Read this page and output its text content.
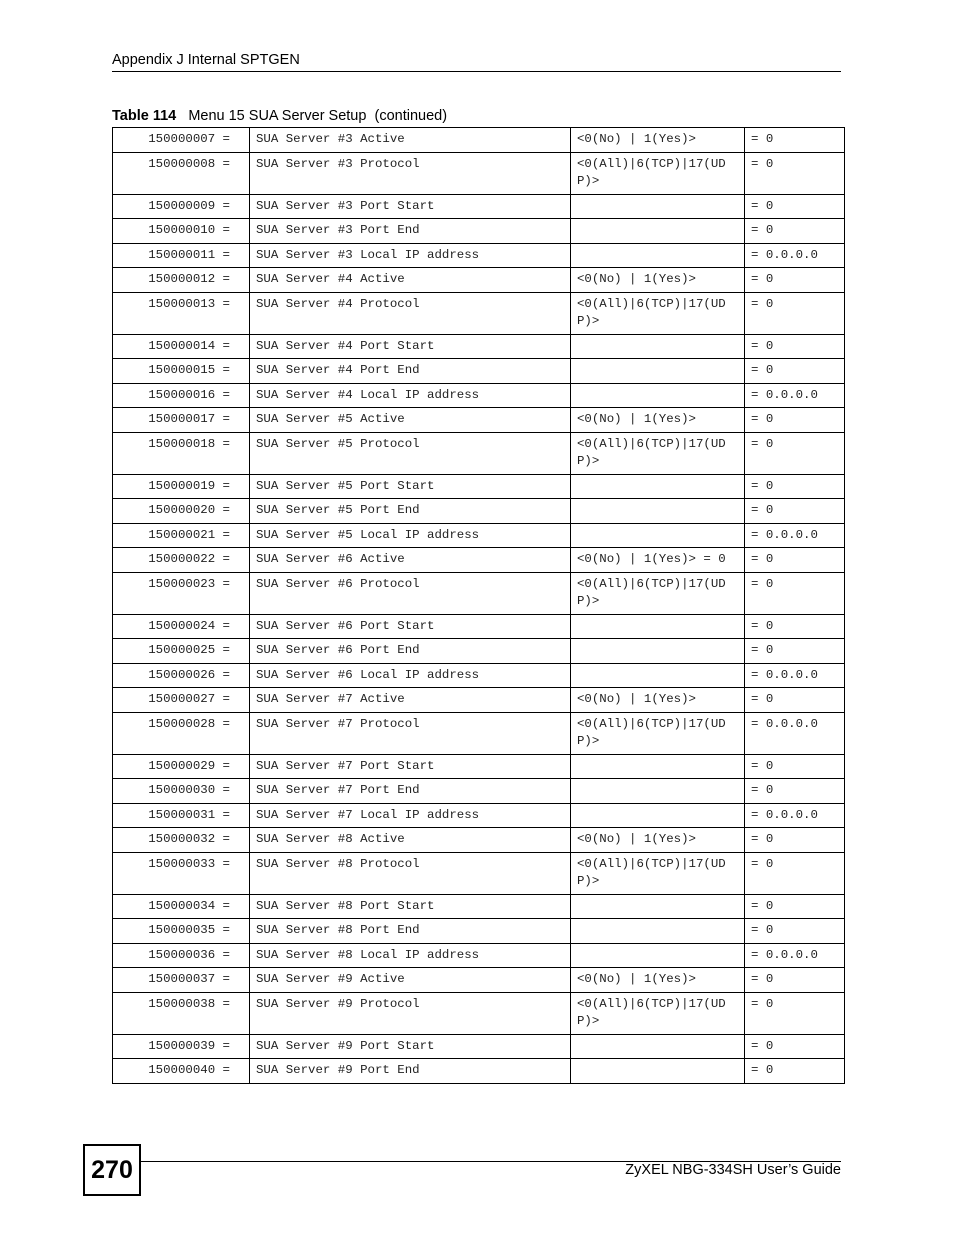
Appendix J Internal SPTGEN
Table 114 Menu 15 SUA Server Setup  (continued)
150000007 =	SUA Server #3 Active	<0(No) | 1(Yes)>	= 0
150000008 =	SUA Server #3 Protocol	<0(All)|6(TCP)|17(UDP)>	= 0
150000009 =	SUA Server #3 Port Start		= 0
150000010 =	SUA Server #3 Port End		= 0
150000011 =	SUA Server #3 Local IP address		= 0.0.0.0
150000012 =	SUA Server #4 Active	<0(No) | 1(Yes)>	= 0
150000013 =	SUA Server #4 Protocol	<0(All)|6(TCP)|17(UDP)>	= 0
150000014 =	SUA Server #4 Port Start		= 0
150000015 =	SUA Server #4 Port End		= 0
150000016 =	SUA Server #4 Local IP address		= 0.0.0.0
150000017 =	SUA Server #5 Active	<0(No) | 1(Yes)>	= 0
150000018 =	SUA Server #5 Protocol	<0(All)|6(TCP)|17(UDP)>	= 0
150000019 =	SUA Server #5 Port Start		= 0
150000020 =	SUA Server #5 Port End		= 0
150000021 =	SUA Server #5 Local IP address		= 0.0.0.0
150000022 =	SUA Server #6 Active	<0(No) | 1(Yes)> = 0	= 0
150000023 =	SUA Server #6 Protocol	<0(All)|6(TCP)|17(UDP)>	= 0
150000024 =	SUA Server #6 Port Start		= 0
150000025 =	SUA Server #6 Port End		= 0
150000026 =	SUA Server #6 Local IP address		= 0.0.0.0
150000027 =	SUA Server #7 Active	<0(No) | 1(Yes)>	= 0
150000028 =	SUA Server #7 Protocol	<0(All)|6(TCP)|17(UDP)>	= 0.0.0.0
150000029 =	SUA Server #7 Port Start		= 0
150000030 =	SUA Server #7 Port End		= 0
150000031 =	SUA Server #7 Local IP address		= 0.0.0.0
150000032 =	SUA Server #8 Active	<0(No) | 1(Yes)>	= 0
150000033 =	SUA Server #8 Protocol	<0(All)|6(TCP)|17(UDP)>	= 0
150000034 =	SUA Server #8 Port Start		= 0
150000035 =	SUA Server #8 Port End		= 0
150000036 =	SUA Server #8 Local IP address		= 0.0.0.0
150000037 =	SUA Server #9 Active	<0(No) | 1(Yes)>	= 0
150000038 =	SUA Server #9 Protocol	<0(All)|6(TCP)|17(UDP)>	= 0
150000039 =	SUA Server #9 Port Start		= 0
150000040 =	SUA Server #9 Port End		= 0
270	ZyXEL NBG-334SH User’s Guide
